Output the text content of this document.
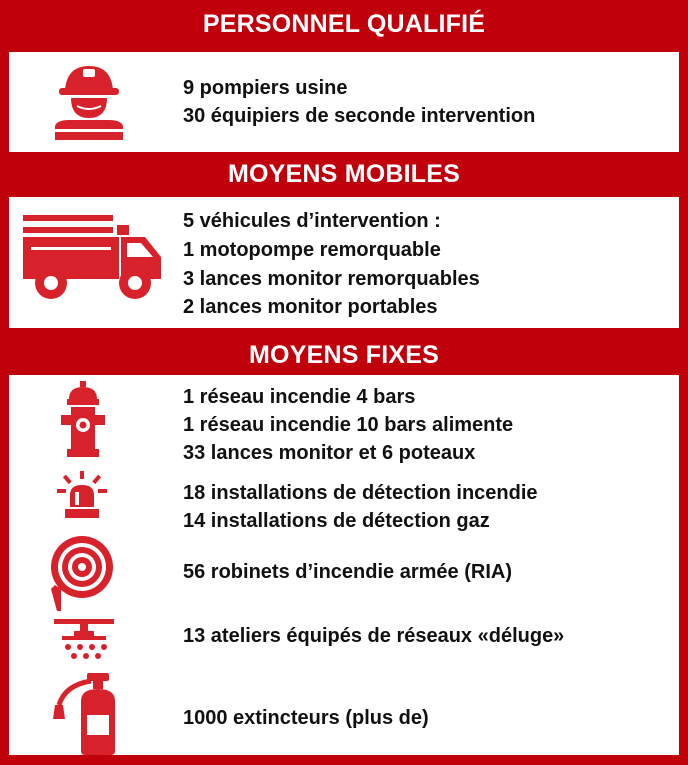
PERSONNEL QUALIFIÉ
9 pompiers usine
30 équipiers de seconde intervention
MOYENS MOBILES
5 véhicules d’intervention :
1 motopompe remorquable
3 lances monitor remorquables
2 lances monitor portables
MOYENS FIXES
1 réseau incendie 4 bars
1 réseau incendie 10 bars alimente
33 lances monitor et 6 poteaux
18 installations de détection incendie
14 installations de détection gaz
56 robinets d’incendie armée (RIA)
13 ateliers équipés de réseaux «déluge»
1000 extincteurs (plus de)
